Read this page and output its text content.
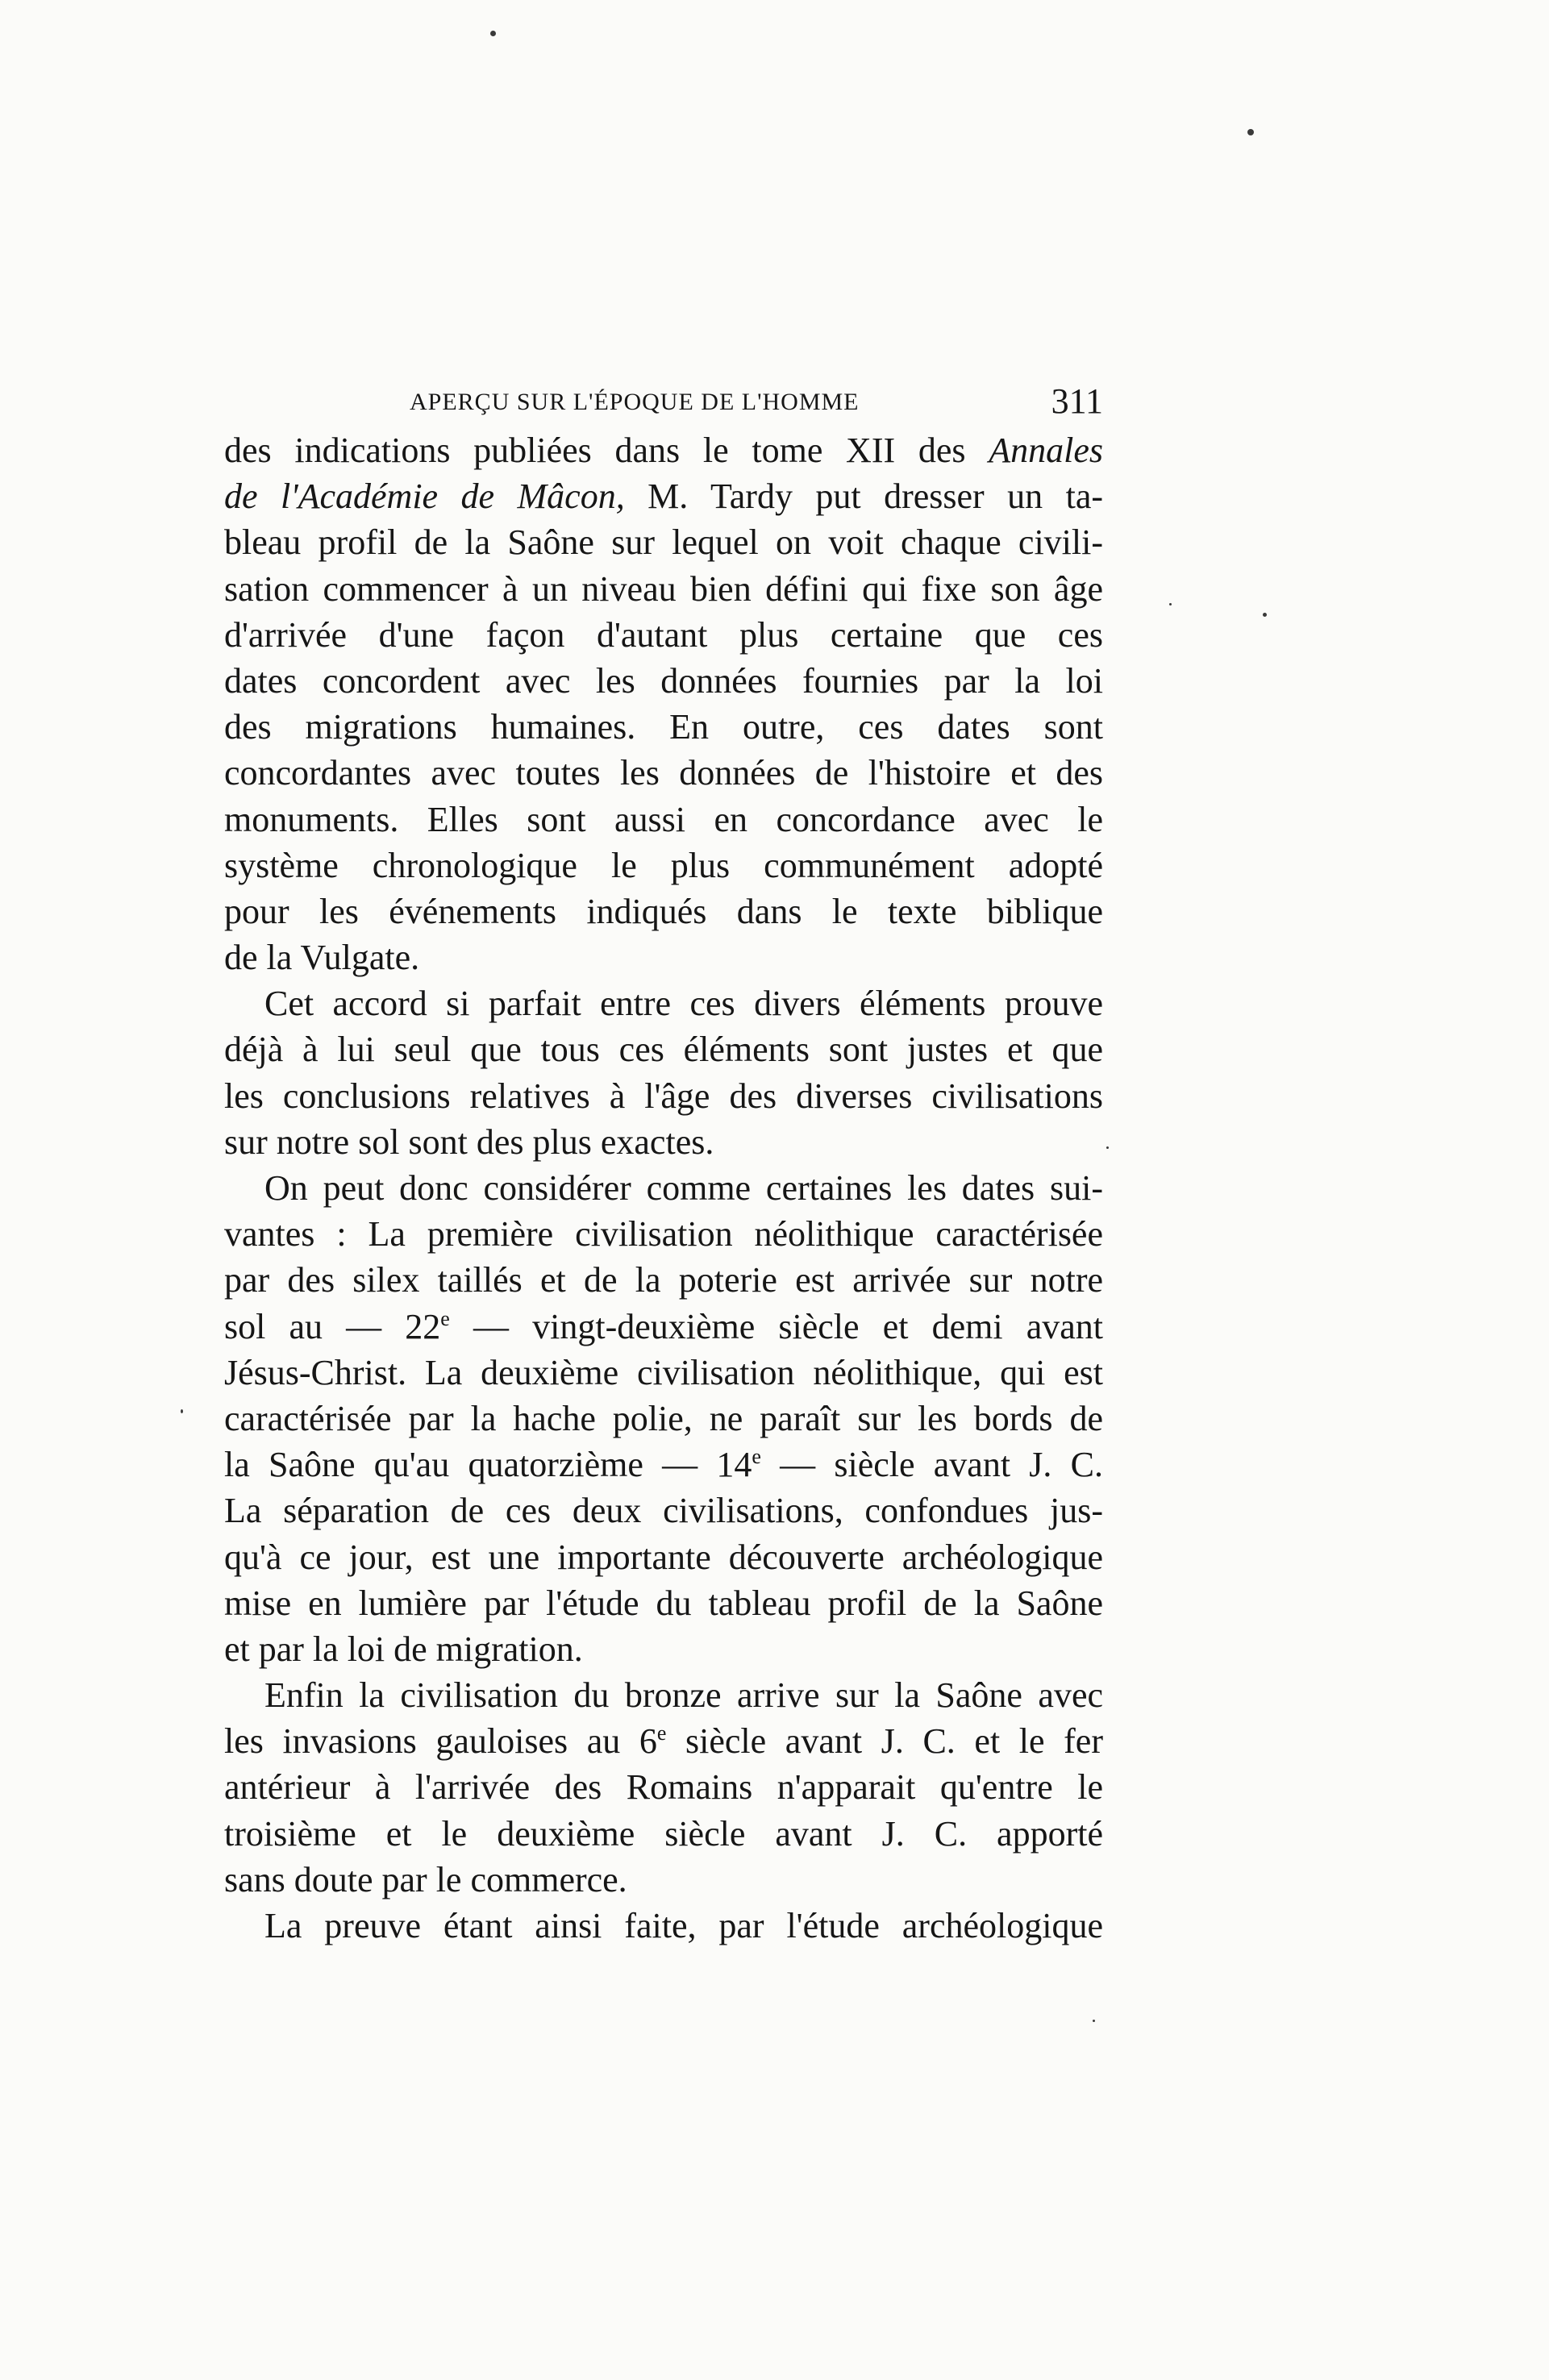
APERÇU SUR L'ÉPOQUE DE L'HOMME	311
des indications publiées dans le tome XII des Annales
de l'Académie de Mâcon, M. Tardy put dresser un ta-
bleau profil de la Saône sur lequel on voit chaque civili-
sation commencer à un niveau bien défini qui fixe son âge
d'arrivée d'une façon d'autant plus certaine que ces
dates concordent avec les données fournies par la loi
des migrations humaines. En outre, ces dates sont
concordantes avec toutes les données de l'histoire et des
monuments. Elles sont aussi en concordance avec le
système chronologique le plus communément adopté
pour les événements indiqués dans le texte biblique
de la Vulgate.
Cet accord si parfait entre ces divers éléments prouve
déjà à lui seul que tous ces éléments sont justes et que
les conclusions relatives à l'âge des diverses civilisations
sur notre sol sont des plus exactes.
On peut donc considérer comme certaines les dates sui-
vantes : La première civilisation néolithique caractérisée
par des silex taillés et de la poterie est arrivée sur notre
sol au — 22e — vingt-deuxième siècle et demi avant
Jésus-Christ. La deuxième civilisation néolithique, qui est
caractérisée par la hache polie, ne paraît sur les bords de
la Saône qu'au quatorzième — 14e — siècle avant J. C.
La séparation de ces deux civilisations, confondues jus-
qu'à ce jour, est une importante découverte archéologique
mise en lumière par l'étude du tableau profil de la Saône
et par la loi de migration.
Enfin la civilisation du bronze arrive sur la Saône avec
les invasions gauloises au 6e siècle avant J. C. et le fer
antérieur à l'arrivée des Romains n'apparait qu'entre le
troisième et le deuxième siècle avant J. C. apporté
sans doute par le commerce.
La preuve étant ainsi faite, par l'étude archéologique
